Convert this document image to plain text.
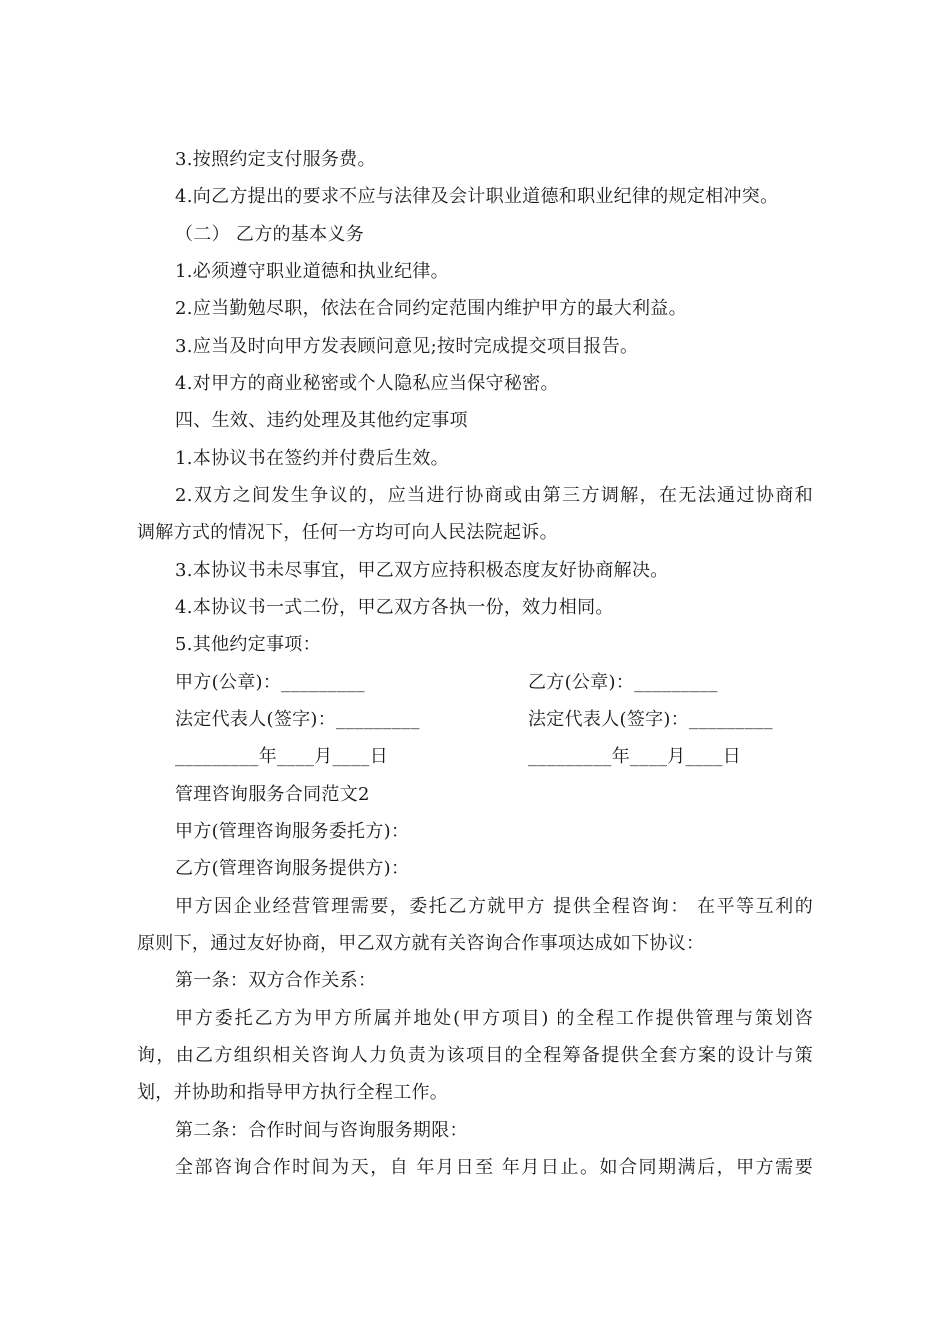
3.按照约定支付服务费。
4.向乙方提出的要求不应与法律及会计职业道德和职业纪律的规定相冲突。
（二） 乙方的基本义务
1.必须遵守职业道德和执业纪律。
2.应当勤勉尽职，依法在合同约定范围内维护甲方的最大利益。
3.应当及时向甲方发表顾问意见;按时完成提交项目报告。
4.对甲方的商业秘密或个人隐私应当保守秘密。
四、生效、违约处理及其他约定事项
1.本协议书在签约并付费后生效。
2.双方之间发生争议的，应当进行协商或由第三方调解，在无法通过协商和
调解方式的情况下，任何一方均可向人民法院起诉。
3.本协议书未尽事宜，甲乙双方应持积极态度友好协商解决。
4.本协议书一式二份，甲乙双方各执一份，效力相同。
5.其他约定事项：
甲方(公章)：_________	乙方(公章)：_________
法定代表人(签字)：_________	法定代表人(签字)：_________
_________年____月____日	_________年____月____日
管理咨询服务合同范文2
甲方(管理咨询服务委托方)：
乙方(管理咨询服务提供方)：
甲方因企业经营管理需要，委托乙方就甲方 提供全程咨询： 在平等互利的
原则下，通过友好协商，甲乙双方就有关咨询合作事项达成如下协议：
第一条：双方合作关系：
甲方委托乙方为甲方所属并地处(甲方项目) 的全程工作提供管理与策划咨
询，由乙方组织相关咨询人力负责为该项目的全程筹备提供全套方案的设计与策
划，并协助和指导甲方执行全程工作。
第二条：合作时间与咨询服务期限：
全部咨询合作时间为天，自 年月日至 年月日止。如合同期满后，甲方需要
